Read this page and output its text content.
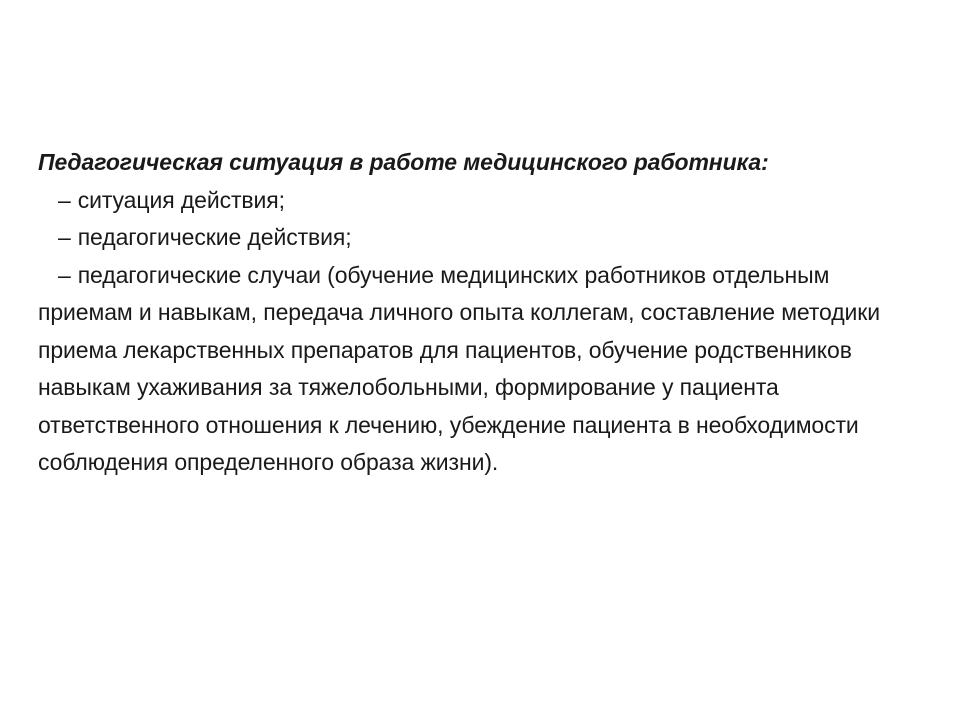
Педагогическая ситуация в работе медицинского работника:

– ситуация действия;
– педагогические действия;
– педагогические случаи (обучение медицинских работников отдельным приемам и навыкам, передача личного опыта коллегам, составление методики приема лекарственных препаратов для пациентов, обучение родственников навыкам ухаживания за тяжелобольными, формирование у пациента ответственного отношения к лечению, убеждение пациента в необходимости соблюдения определенного образа жизни).
